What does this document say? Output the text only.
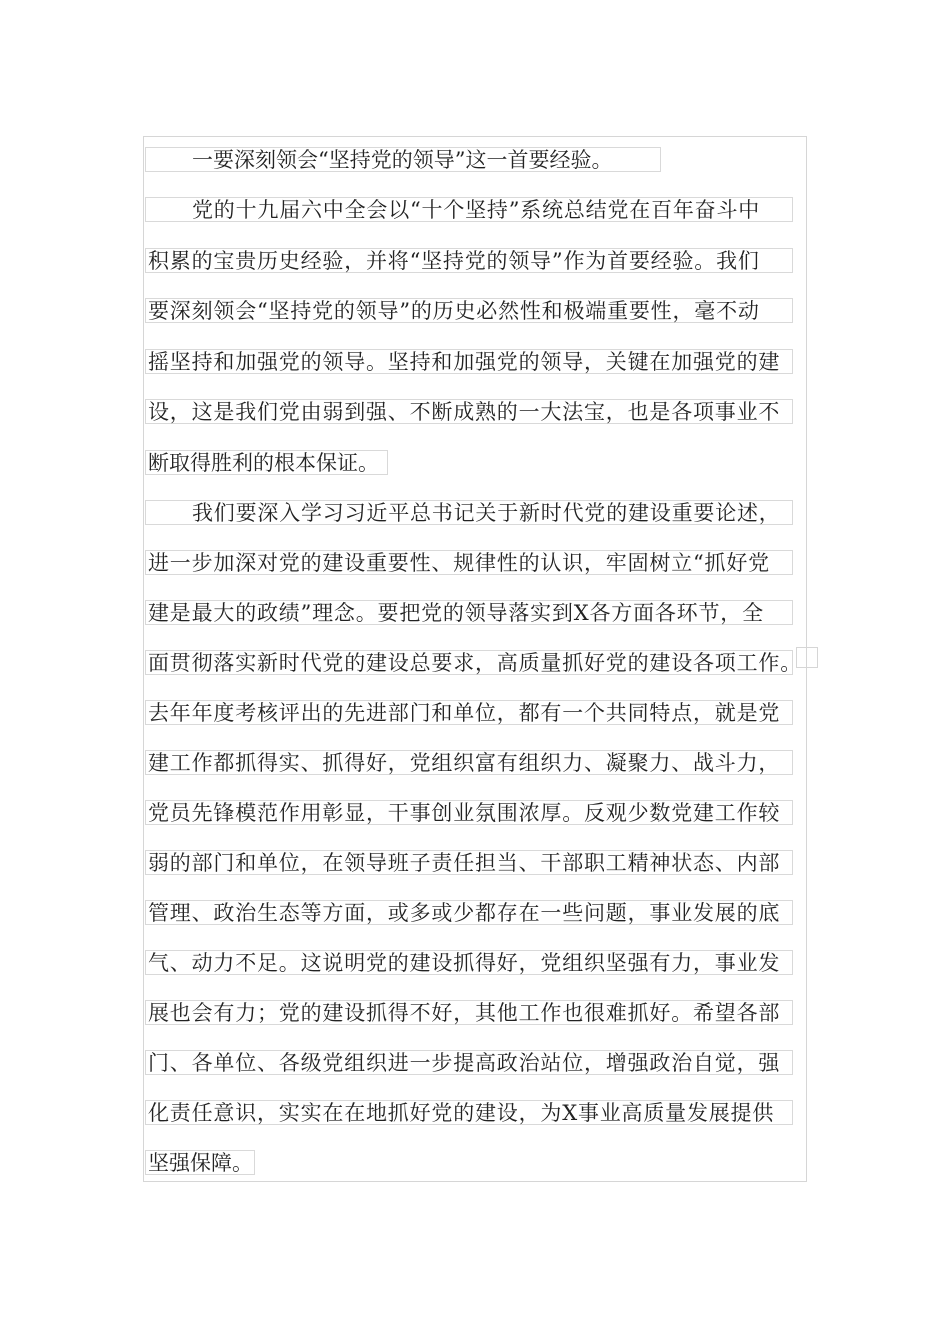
一要深刻领会“坚持党的领导”这一首要经验。
党的十九届六中全会以“十个坚持”系统总结党在百年奋斗中
积累的宝贵历史经验，并将“坚持党的领导”作为首要经验。我们
要深刻领会“坚持党的领导”的历史必然性和极端重要性，毫不动
摇坚持和加强党的领导。坚持和加强党的领导，关键在加强党的建
设，这是我们党由弱到强、不断成熟的一大法宝，也是各项事业不
断取得胜利的根本保证。
我们要深入学习习近平总书记关于新时代党的建设重要论述，
进一步加深对党的建设重要性、规律性的认识，牢固树立“抓好党
建是最大的政绩”理念。要把党的领导落实到X各方面各环节，全
面贯彻落实新时代党的建设总要求，高质量抓好党的建设各项工作。
去年年度考核评出的先进部门和单位，都有一个共同特点，就是党
建工作都抓得实、抓得好，党组织富有组织力、凝聚力、战斗力，
党员先锋模范作用彰显，干事创业氛围浓厚。反观少数党建工作较
弱的部门和单位，在领导班子责任担当、干部职工精神状态、内部
管理、政治生态等方面，或多或少都存在一些问题，事业发展的底
气、动力不足。这说明党的建设抓得好，党组织坚强有力，事业发
展也会有力；党的建设抓得不好，其他工作也很难抓好。希望各部
门、各单位、各级党组织进一步提高政治站位，增强政治自觉，强
化责任意识，实实在在地抓好党的建设，为X事业高质量发展提供
坚强保障。
